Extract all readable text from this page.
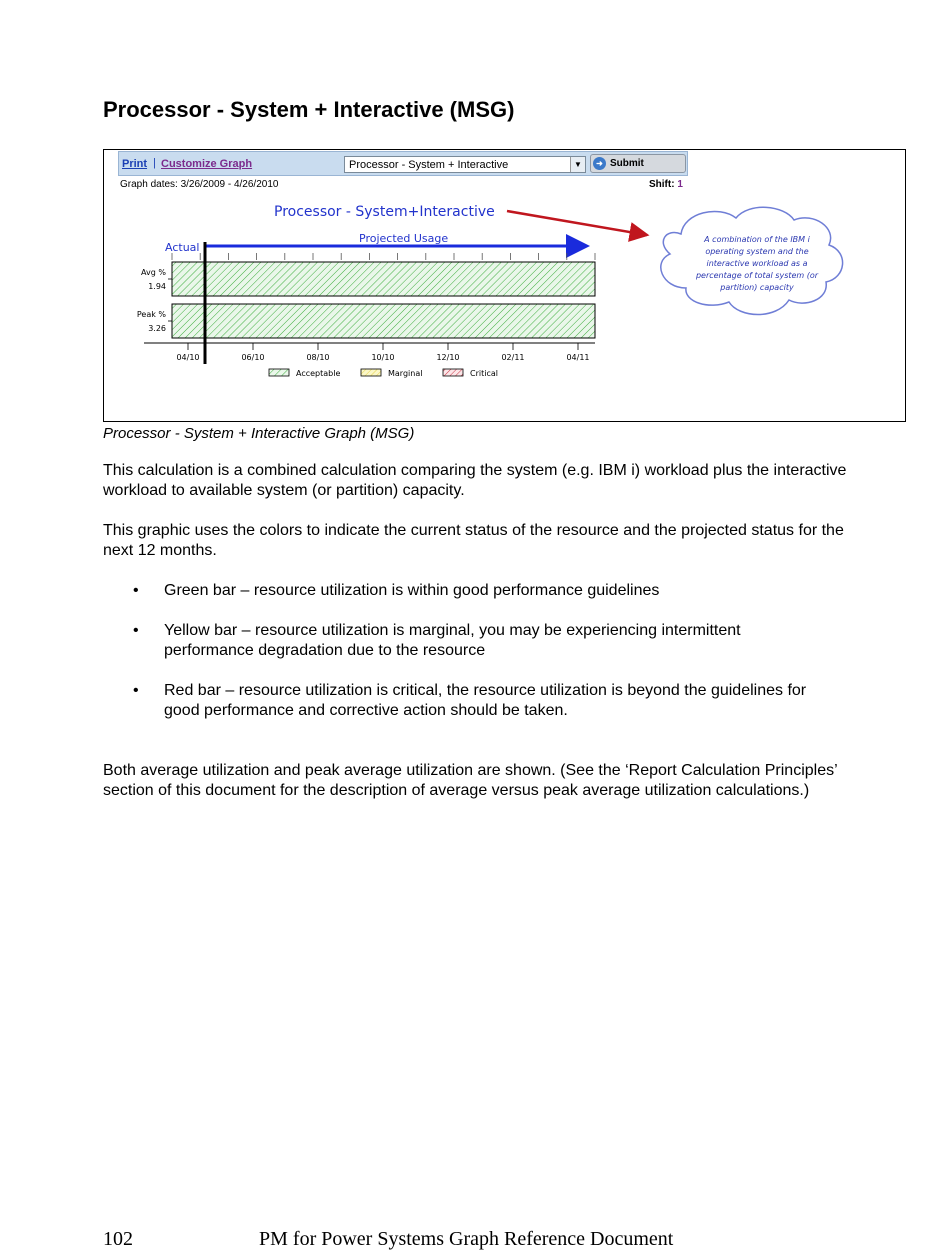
Processor - System + Interactive (MSG)
Print | Customize Graph	Processor - System + Interactive	▼	➜ Submit
Graph dates: 3/26/2009 - 4/26/2010	Shift: 1
Processor - System+Interactive
Actual
Projected Usage
Avg %
1.94
Peak %
3.26
04/10	06/10	08/10	10/10	12/10	02/11	04/11
Acceptable	Marginal	Critical
A combination of the IBM i
operating system and the
interactive workload as a
percentage of total system (or
partition) capacity
Processor - System + Interactive Graph (MSG)
This calculation is a combined calculation comparing the system (e.g. IBM i) workload plus the interactive workload to available system (or partition) capacity.
This graphic uses the colors to indicate the current status of the resource and the projected status for the next 12 months.
• Green bar – resource utilization is within good performance guidelines
• Yellow bar – resource utilization is marginal, you may be experiencing intermittent performance degradation due to the resource
• Red bar – resource utilization is critical, the resource utilization is beyond the guidelines for good performance and corrective action should be taken.
Both average utilization and peak average utilization are shown. (See the ‘Report Calculation Principles’ section of this document for the description of average versus peak average utilization calculations.)
102	PM for Power Systems Graph Reference Document
